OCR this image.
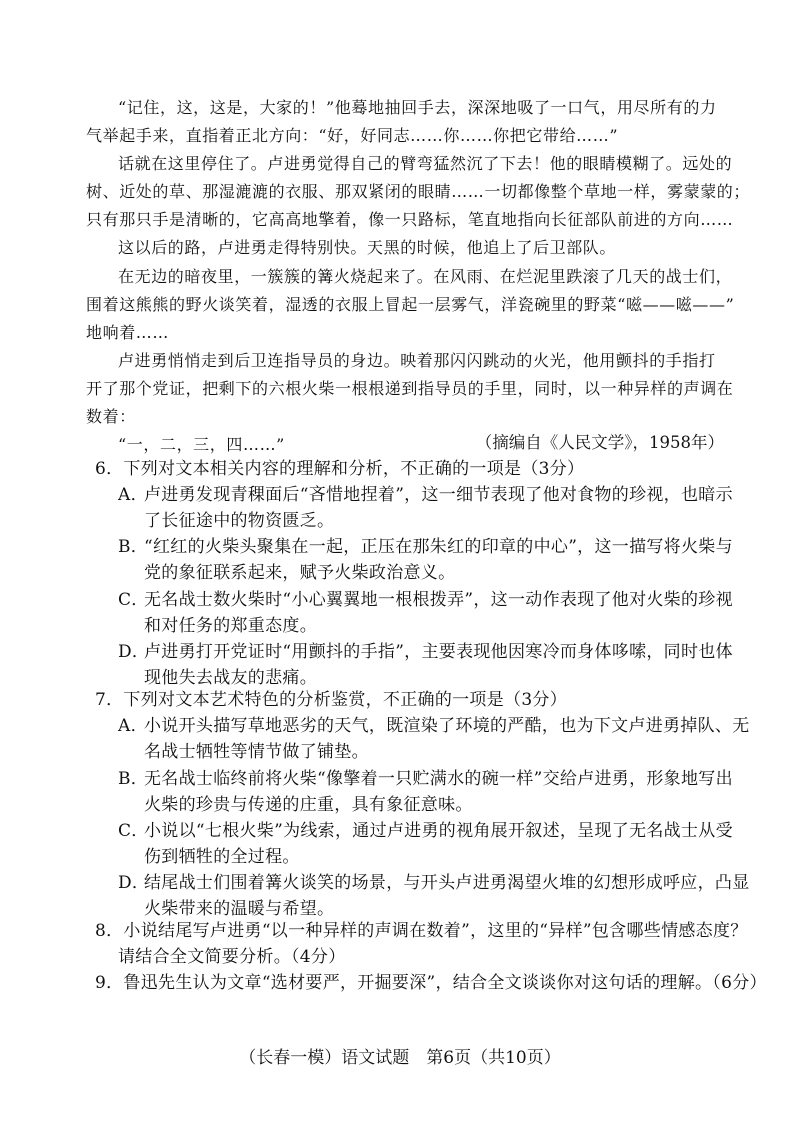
“记住，这，这是，大家的！”他蓦地抽回手去，深深地吸了一口气，用尽所有的力
气举起手来，直指着正北方向：“好，好同志……你……你把它带给……”
话就在这里停住了。卢进勇觉得自己的臂弯猛然沉了下去！他的眼睛模糊了。远处的
树、近处的草、那湿漉漉的衣服、那双紧闭的眼睛……一切都像整个草地一样，雾蒙蒙的；
只有那只手是清晰的，它高高地擎着，像一只路标，笔直地指向长征部队前进的方向……
这以后的路，卢进勇走得特别快。天黑的时候，他追上了后卫部队。
在无边的暗夜里，一簇簇的篝火烧起来了。在风雨、在烂泥里跌滚了几天的战士们，
围着这熊熊的野火谈笑着，湿透的衣服上冒起一层雾气，洋瓷碗里的野菜“嗞——嗞——”
地响着……
卢进勇悄悄走到后卫连指导员的身边。映着那闪闪跳动的火光，他用颤抖的手指打
开了那个党证，把剩下的六根火柴一根根递到指导员的手里，同时，以一种异样的声调在
数着：
“一，二，三，四……”	（摘编自《人民文学》，1958年）
6．下列对文本相关内容的理解和分析，不正确的一项是（3分）
A．卢进勇发现青稞面后“吝惜地捏着”，这一细节表现了他对食物的珍视，也暗示
了长征途中的物资匮乏。
B．“红红的火柴头聚集在一起，正压在那朱红的印章的中心”，这一描写将火柴与
党的象征联系起来，赋予火柴政治意义。
C．无名战士数火柴时“小心翼翼地一根根拨弄”，这一动作表现了他对火柴的珍视
和对任务的郑重态度。
D．卢进勇打开党证时“用颤抖的手指”，主要表现他因寒冷而身体哆嗦，同时也体
现他失去战友的悲痛。
7．下列对文本艺术特色的分析鉴赏，不正确的一项是（3分）
A．小说开头描写草地恶劣的天气，既渲染了环境的严酷，也为下文卢进勇掉队、无
名战士牺牲等情节做了铺垫。
B．无名战士临终前将火柴“像擎着一只贮满水的碗一样”交给卢进勇，形象地写出
火柴的珍贵与传递的庄重，具有象征意味。
C．小说以“七根火柴”为线索，通过卢进勇的视角展开叙述，呈现了无名战士从受
伤到牺牲的全过程。
D．结尾战士们围着篝火谈笑的场景，与开头卢进勇渴望火堆的幻想形成呼应，凸显
火柴带来的温暖与希望。
8．小说结尾写卢进勇“以一种异样的声调在数着”，这里的“异样”包含哪些情感态度？
请结合全文简要分析。（4分）
9．鲁迅先生认为文章“选材要严，开掘要深”，结合全文谈谈你对这句话的理解。（6分）
（长春一模）语文试题　第6页（共10页）
